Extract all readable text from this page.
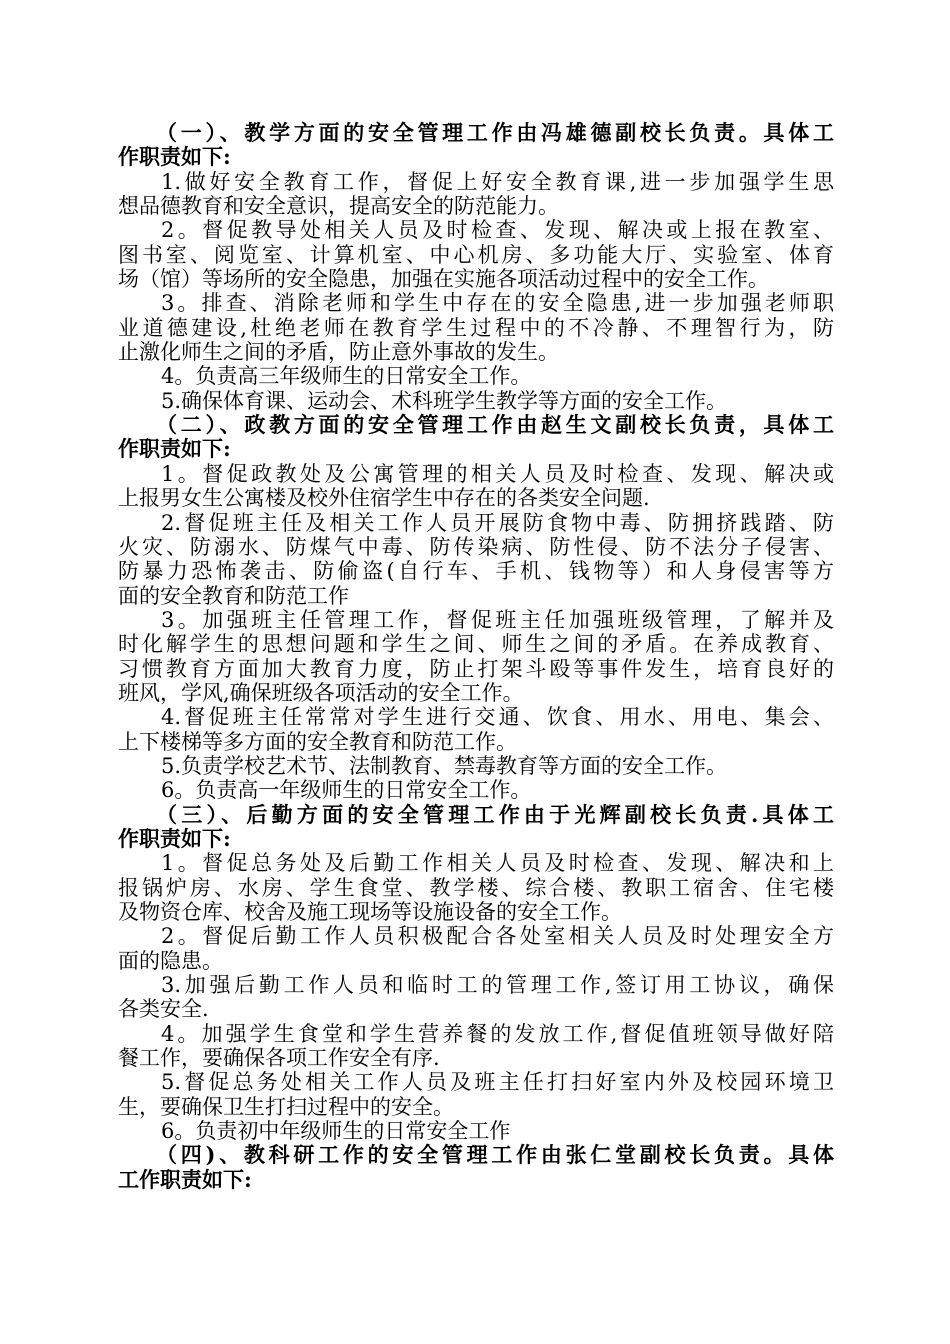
（一）、教学方面的安全管理工作由冯雄德副校长负责。具体工
作职责如下:
1.做好安全教育工作，督促上好安全教育课,进一步加强学生思
想品德教育和安全意识，提高安全的防范能力。
2。督促教导处相关人员及时检查、发现、解决或上报在教室、
图书室、阅览室、计算机室、中心机房、多功能大厅、实验室、体育
场（馆）等场所的安全隐患，加强在实施各项活动过程中的安全工作。
3。排查、消除老师和学生中存在的安全隐患,进一步加强老师职
业道德建设,杜绝老师在教育学生过程中的不冷静、不理智行为，防
止激化师生之间的矛盾，防止意外事故的发生。
4。负责高三年级师生的日常安全工作。
5.确保体育课、运动会、术科班学生教学等方面的安全工作。
（二）、政教方面的安全管理工作由赵生文副校长负责，具体工
作职责如下:
1。督促政教处及公寓管理的相关人员及时检查、发现、解决或
上报男女生公寓楼及校外住宿学生中存在的各类安全问题.
2.督促班主任及相关工作人员开展防食物中毒、防拥挤践踏、防
火灾、防溺水、防煤气中毒、防传染病、防性侵、防不法分子侵害、
防暴力恐怖袭击、防偷盗(自行车、手机、钱物等）和人身侵害等方
面的安全教育和防范工作
3。加强班主任管理工作，督促班主任加强班级管理，了解并及
时化解学生的思想问题和学生之间、师生之间的矛盾。在养成教育、
习惯教育方面加大教育力度，防止打架斗殴等事件发生，培育良好的
班风，学风,确保班级各项活动的安全工作。
4.督促班主任常常对学生进行交通、饮食、用水、用电、集会、
上下楼梯等多方面的安全教育和防范工作。
5.负责学校艺术节、法制教育、禁毒教育等方面的安全工作。
6。负责高一年级师生的日常安全工作。
（三）、后勤方面的安全管理工作由于光辉副校长负责.具体工
作职责如下:
1。督促总务处及后勤工作相关人员及时检查、发现、解决和上
报锅炉房、水房、学生食堂、教学楼、综合楼、教职工宿舍、住宅楼
及物资仓库、校舍及施工现场等设施设备的安全工作。
2。督促后勤工作人员积极配合各处室相关人员及时处理安全方
面的隐患。
3.加强后勤工作人员和临时工的管理工作,签订用工协议，确保
各类安全.
4。加强学生食堂和学生营养餐的发放工作,督促值班领导做好陪
餐工作，要确保各项工作安全有序.
5.督促总务处相关工作人员及班主任打扫好室内外及校园环境卫
生，要确保卫生打扫过程中的安全。
6。负责初中年级师生的日常安全工作
（四)、教科研工作的安全管理工作由张仁堂副校长负责。具体
工作职责如下:
